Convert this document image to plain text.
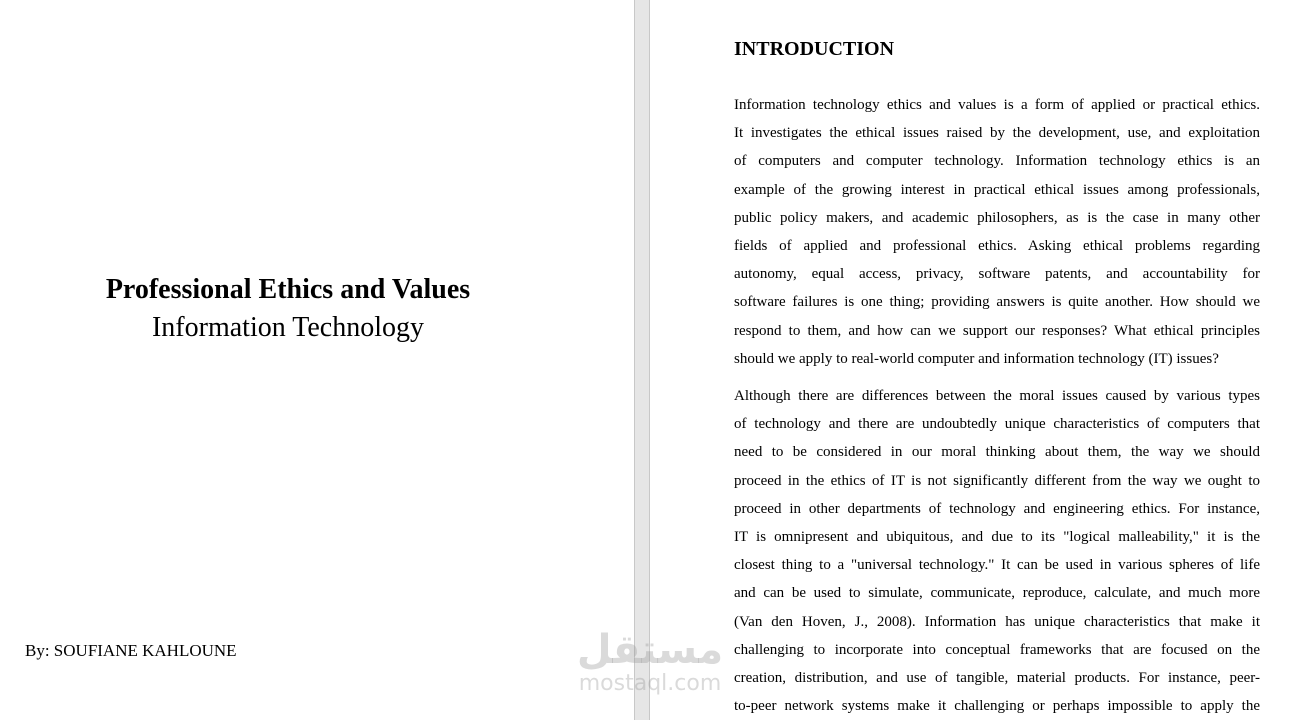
Professional Ethics and Values
Information Technology
By: SOUFIANE KAHLOUNE
INTRODUCTION
Information technology ethics and values is a form of applied or practical ethics.
It investigates the ethical issues raised by the development, use, and exploitation
of computers and computer technology. Information technology ethics is an
example of the growing interest in practical ethical issues among professionals,
public policy makers, and academic philosophers, as is the case in many other
fields of applied and professional ethics. Asking ethical problems regarding
autonomy, equal access, privacy, software patents, and accountability for
software failures is one thing; providing answers is quite another. How should we
respond to them, and how can we support our responses? What ethical principles
should we apply to real-world computer and information technology (IT) issues?
Although there are differences between the moral issues caused by various types
of technology and there are undoubtedly unique characteristics of computers that
need to be considered in our moral thinking about them, the way we should
proceed in the ethics of IT is not significantly different from the way we ought to
proceed in other departments of technology and engineering ethics. For instance,
IT is omnipresent and ubiquitous, and due to its "logical malleability," it is the
closest thing to a "universal technology." It can be used in various spheres of life
and can be used to simulate, communicate, reproduce, calculate, and much more
(Van den Hoven, J., 2008). Information has unique characteristics that make it
challenging to incorporate into conceptual frameworks that are focused on the
creation, distribution, and use of tangible, material products. For instance, peer-
to-peer network systems make it challenging or perhaps impossible to apply the
مستقل
mostaql.com
